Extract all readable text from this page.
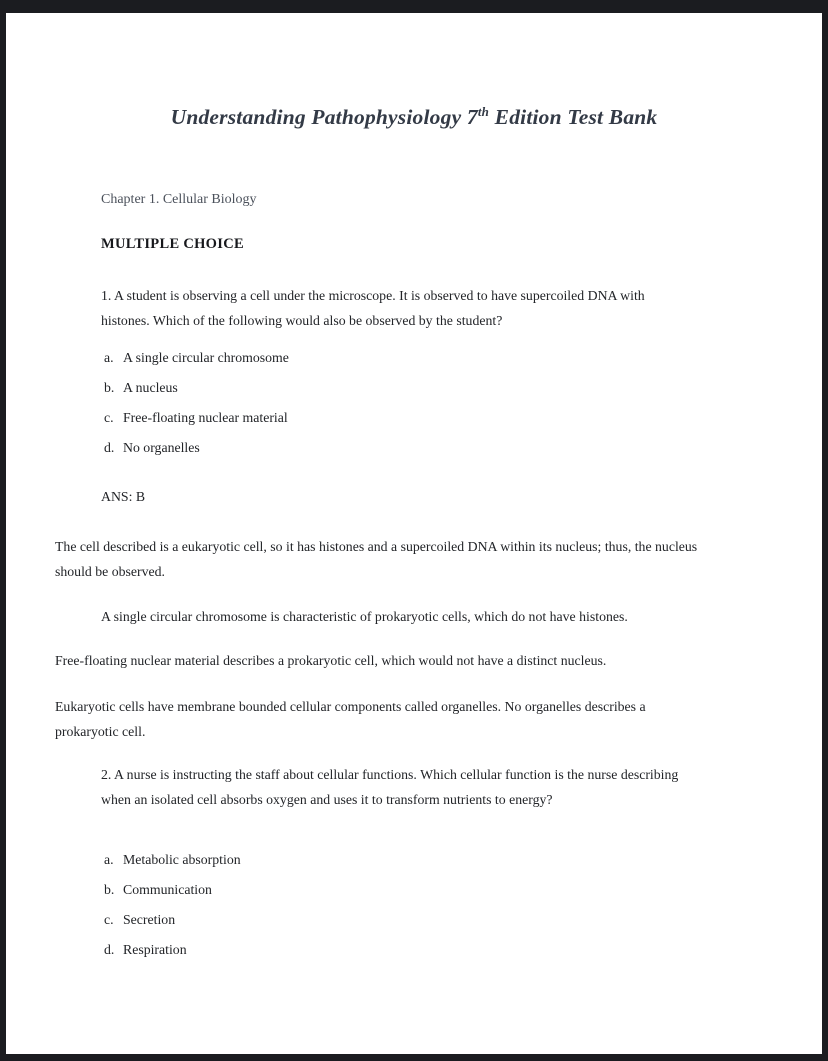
Understanding Pathophysiology 7th Edition Test Bank
Chapter 1. Cellular Biology
MULTIPLE CHOICE
1. A student is observing a cell under the microscope. It is observed to have supercoiled DNA with histones. Which of the following would also be observed by the student?
a. A single circular chromosome
b. A nucleus
c. Free-floating nuclear material
d. No organelles
ANS: B
The cell described is a eukaryotic cell, so it has histones and a supercoiled DNA within its nucleus; thus, the nucleus should be observed.
A single circular chromosome is characteristic of prokaryotic cells, which do not have histones.
Free-floating nuclear material describes a prokaryotic cell, which would not have a distinct nucleus.
Eukaryotic cells have membrane bounded cellular components called organelles. No organelles describes a prokaryotic cell.
2. A nurse is instructing the staff about cellular functions. Which cellular function is the nurse describing when an isolated cell absorbs oxygen and uses it to transform nutrients to energy?
a. Metabolic absorption
b. Communication
c. Secretion
d. Respiration
